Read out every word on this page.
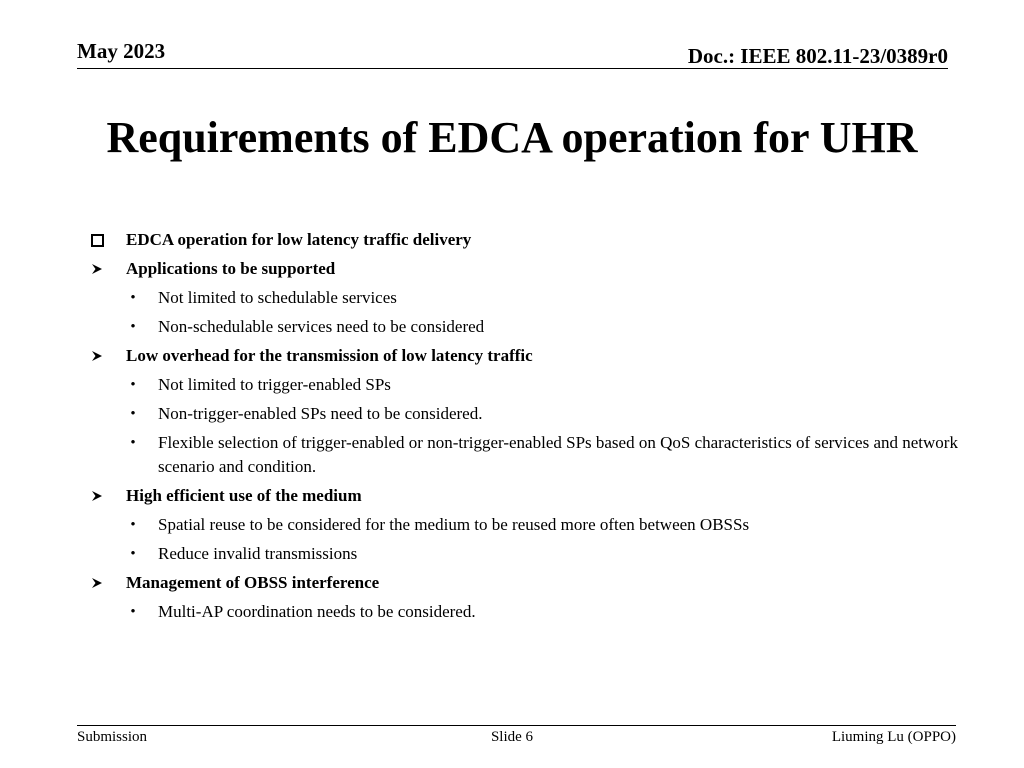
May 2023	Doc.: IEEE 802.11-23/0389r0
Requirements of EDCA operation for UHR
EDCA operation for low latency traffic delivery
Applications to be supported
•	Not limited to schedulable services
•	Non-schedulable services need to be considered
Low overhead for the transmission of low latency traffic
•	Not limited to trigger-enabled SPs
•	Non-trigger-enabled SPs need to be considered.
•	Flexible selection of trigger-enabled or non-trigger-enabled SPs based on QoS characteristics of services and network scenario and condition.
High efficient use of the medium
•	Spatial reuse to be considered for the medium to be reused more often between OBSSs
•	Reduce invalid transmissions
Management of OBSS interference
•	Multi-AP coordination needs to be considered.
Submission	Slide 6	Liuming Lu (OPPO)
